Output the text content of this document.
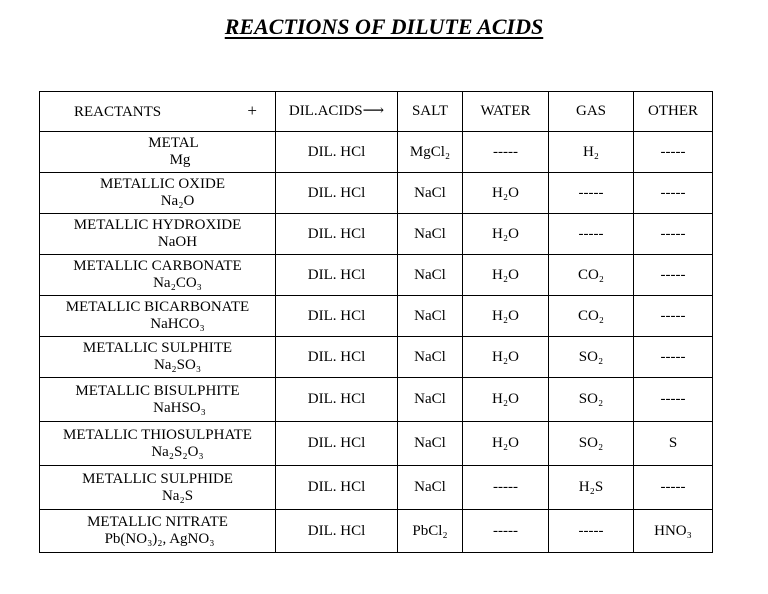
REACTIONS OF DILUTE ACIDS
REACTANTS +	DIL.ACIDS⟶	SALT	WATER	GAS	OTHER

METAL
Mg	DIL. HCl	MgCl₂	-----	H₂	-----

METALLIC OXIDE
Na₂O	DIL. HCl	NaCl	H₂O	-----	-----

METALLIC HYDROXIDE
NaOH	DIL. HCl	NaCl	H₂O	-----	-----

METALLIC CARBONATE
Na₂CO₃	DIL. HCl	NaCl	H₂O	CO₂	-----

METALLIC BICARBONATE
NaHCO₃	DIL. HCl	NaCl	H₂O	CO₂	-----

METALLIC SULPHITE
Na₂SO₃	DIL. HCl	NaCl	H₂O	SO₂	-----

METALLIC BISULPHITE
NaHSO₃	DIL. HCl	NaCl	H₂O	SO₂	-----

METALLIC THIOSULPHATE
Na₂S₂O₃	DIL. HCl	NaCl	H₂O	SO₂	S

METALLIC SULPHIDE
Na₂S	DIL. HCl	NaCl	-----	H₂S	-----

METALLIC NITRATE
Pb(NO₃)₂, AgNO₃	DIL. HCl	PbCl₂	-----	-----	HNO₃
